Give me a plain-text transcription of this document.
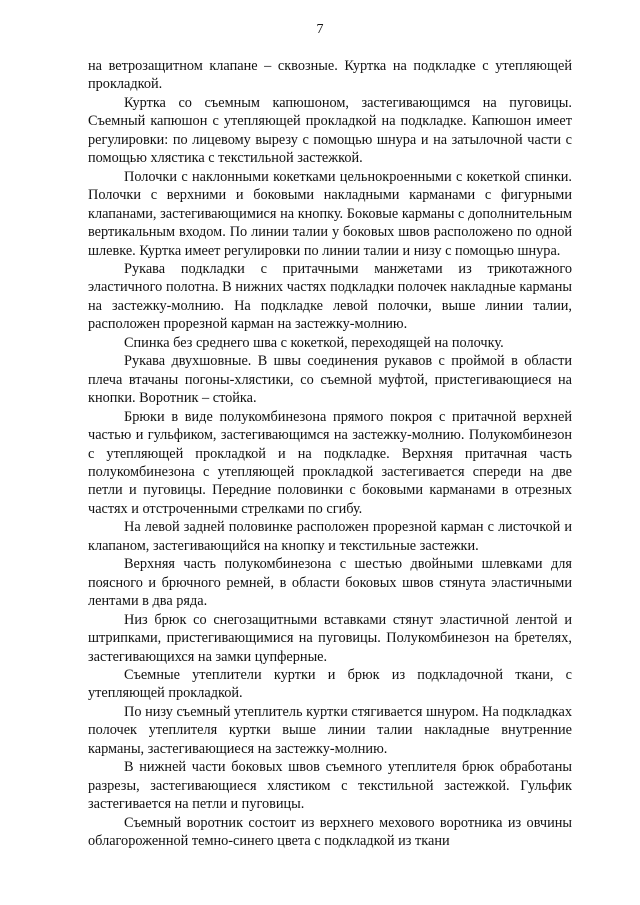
7

на ветрозащитном клапане – сквозные. Куртка на подкладке с утепляющей прокладкой.

Куртка со съемным капюшоном, застегивающимся на пуговицы. Съемный капюшон с утепляющей прокладкой на подкладке. Капюшон имеет регулировки: по лицевому вырезу с помощью шнура и на затылочной части с помощью хлястика с текстильной застежкой.

Полочки с наклонными кокетками цельнокроенными с кокеткой спинки. Полочки с верхними и боковыми накладными карманами с фигурными клапанами, застегивающимися на кнопку. Боковые карманы с дополнительным вертикальным входом. По линии талии у боковых швов расположено по одной шлевке. Куртка имеет регулировки по линии талии и низу с помощью шнура.

Рукава подкладки с притачными манжетами из трикотажного эластичного полотна. В нижних частях подкладки полочек накладные карманы на застежку-молнию. На подкладке левой полочки, выше линии талии, расположен прорезной карман на застежку-молнию.

Спинка без среднего шва с кокеткой, переходящей на полочку.

Рукава двухшовные. В швы соединения рукавов с проймой в области плеча втачаны погоны-хлястики, со съемной муфтой, пристегивающиеся на кнопки. Воротник – стойка.

Брюки в виде полукомбинезона прямого покроя с притачной верхней частью и гульфиком, застегивающимся на застежку-молнию. Полукомбинезон с утепляющей прокладкой и на подкладке. Верхняя притачная часть полукомбинезона с утепляющей прокладкой застегивается спереди на две петли и пуговицы. Передние половинки с боковыми карманами в отрезных частях и отстроченными стрелками по сгибу.

На левой задней половинке расположен прорезной карман с листочкой и клапаном, застегивающийся на кнопку и текстильные застежки.

Верхняя часть полукомбинезона с шестью двойными шлевками для поясного и брючного ремней, в области боковых швов стянута эластичными лентами в два ряда.

Низ брюк со снегозащитными вставками стянут эластичной лентой и штрипками, пристегивающимися на пуговицы. Полукомбинезон на бретелях, застегивающихся на замки цупферные.

Съемные утеплители куртки и брюк из подкладочной ткани, с утепляющей прокладкой.

По низу съемный утеплитель куртки стягивается шнуром. На подкладках полочек утеплителя куртки выше линии талии накладные внутренние карманы, застегивающиеся на застежку-молнию.

В нижней части боковых швов съемного утеплителя брюк обработаны разрезы, застегивающиеся хлястиком с текстильной застежкой. Гульфик застегивается на петли и пуговицы.

Съемный воротник состоит из верхнего мехового воротника из овчины облагороженной темно-синего цвета с подкладкой из ткани
